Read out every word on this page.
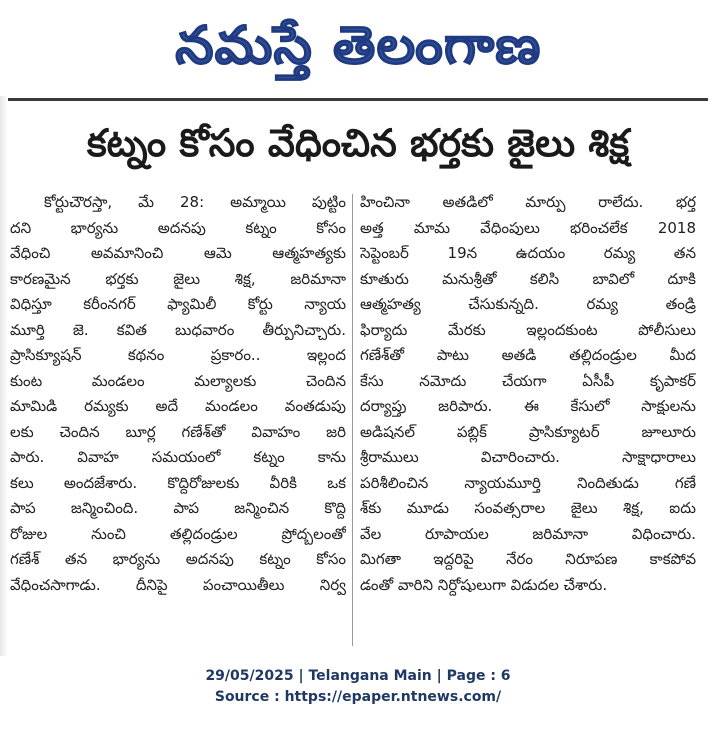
నమస్తే తెలంగాణ
కట్నం కోసం వేధించిన భర్తకు జైలు శిక్ష
కోర్టుచౌరస్తా, మే 28: అమ్మాయి పుట్టిం
దని భార్యను అదనపు కట్నం కోసం
వేధించి అవమానించి ఆమె ఆత్మహత్యకు
కారణమైన భర్తకు జైలు శిక్ష, జరిమానా
విధిస్తూ కరీంనగర్ ఫ్యామిలీ కోర్టు న్యాయ
మూర్తి జె. కవిత బుధవారం తీర్పునిచ్చారు.
ప్రాసిక్యూషన్ కథనం ప్రకారం.. ఇల్లంద
కుంట మండలం మల్యాలకు చెందిన
మామిడి రమ్యకు అదే మండలం వంతడుపు
లకు చెందిన బూర్ల గణేశ్‌తో వివాహం జరి
పారు. వివాహ సమయంలో కట్నం కాను
కలు అందజేశారు. కొద్దిరోజులకు వీరికి ఒక
పాప జన్మించింది. పాప జన్మించిన కొద్ది
రోజుల నుంచి తల్లిదండ్రుల ప్రోద్బలంతో
గణేశ్ తన భార్యను అదనపు కట్నం కోసం
వేధించసాగాడు. దీనిపై పంచాయితీలు నిర్వ
హించినా అతడిలో మార్పు రాలేదు. భర్త
అత్త మామ వేధింపులు భరించలేక 2018
సెప్టెంబర్ 19న ఉదయం రమ్య తన
కూతురు మనుశ్రీతో కలిసి బావిలో దూకి
ఆత్మహత్య చేసుకున్నది. రమ్య తండ్రి
ఫిర్యాదు మేరకు ఇల్లందకుంట పోలీసులు
గణేశ్‌తో పాటు అతడి తల్లిదండ్రుల మీద
కేసు నమోదు చేయగా ఏసీపీ కృపాకర్
దర్యాప్తు జరిపారు. ఈ కేసులో సాక్షులను
అడిషనల్ పబ్లిక్ ప్రాసిక్యూటర్ జూలూరు
శ్రీరాములు విచారించారు. సాక్షాధారాలు
పరిశీలించిన న్యాయమూర్తి నిందితుడు గణే
శ్‌కు మూడు సంవత్సరాల జైలు శిక్ష, ఐదు
వేల రూపాయల జరిమానా విధించారు.
మిగతా ఇద్దరిపై నేరం నిరూపణ కాకపోవ
డంతో వారిని నిర్దోషులుగా విడుదల చేశారు.
29/05/2025 | Telangana Main | Page : 6
Source : https://epaper.ntnews.com/
